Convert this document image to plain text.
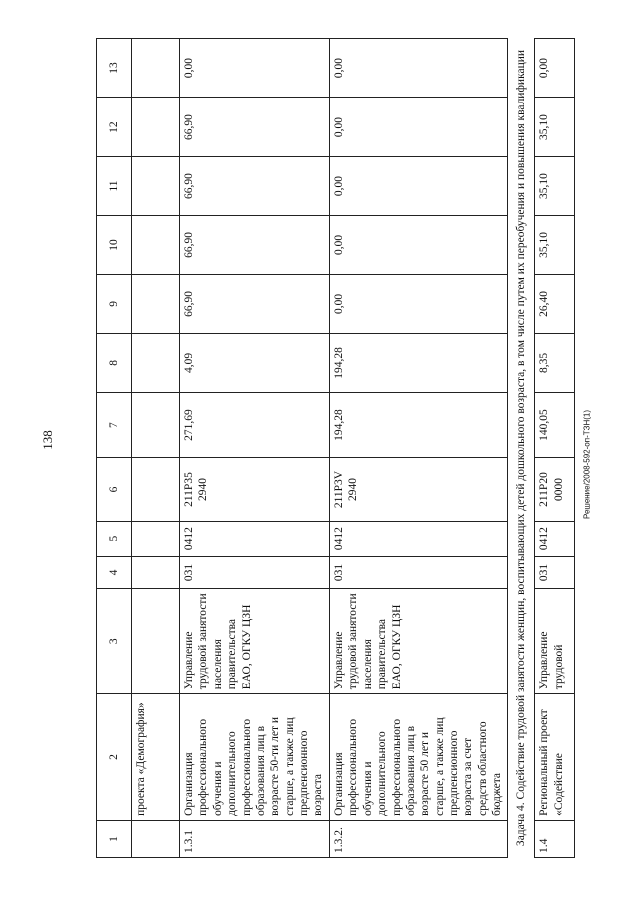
138
1	2	3	4	5	6	7	8	9	10	11	12	13
	проекта «Демография»											
1.3.1	Организация профессионального обучения и дополнительного профессионального образования лиц в возрасте 50-ти лет и старше, а также лиц предпенсионного возраста	Управление трудовой занятости населения правительства ЕАО, ОГКУ ЦЗН	031	0412	211P35 2940	271,69	4,09	66,90	66,90	66,90	66,90	0,00
1.3.2.	Организация профессионального обучения и дополнительного профессионального образования лиц в возрасте 50 лет и старше, а также лиц предпенсионного возраста за счет средств областного бюджета	Управление трудовой занятости населения правительства ЕАО, ОГКУ ЦЗН	031	0412	211P3V 2940	194,28	194,28	0,00	0,00	0,00	0,00	0,00
Задача 4. Содействие трудовой занятости женщин, воспитывающих детей дошкольного возраста, в том числе путем их переобучения и повышения квалификации												
1.4	Региональный проект «Содействие	Управление трудовой	031	0412	211P20 0000	140,05	8,35	26,40	35,10	35,10	35,10	0,00
Решение/2008-592-оп-TЗН(1)
